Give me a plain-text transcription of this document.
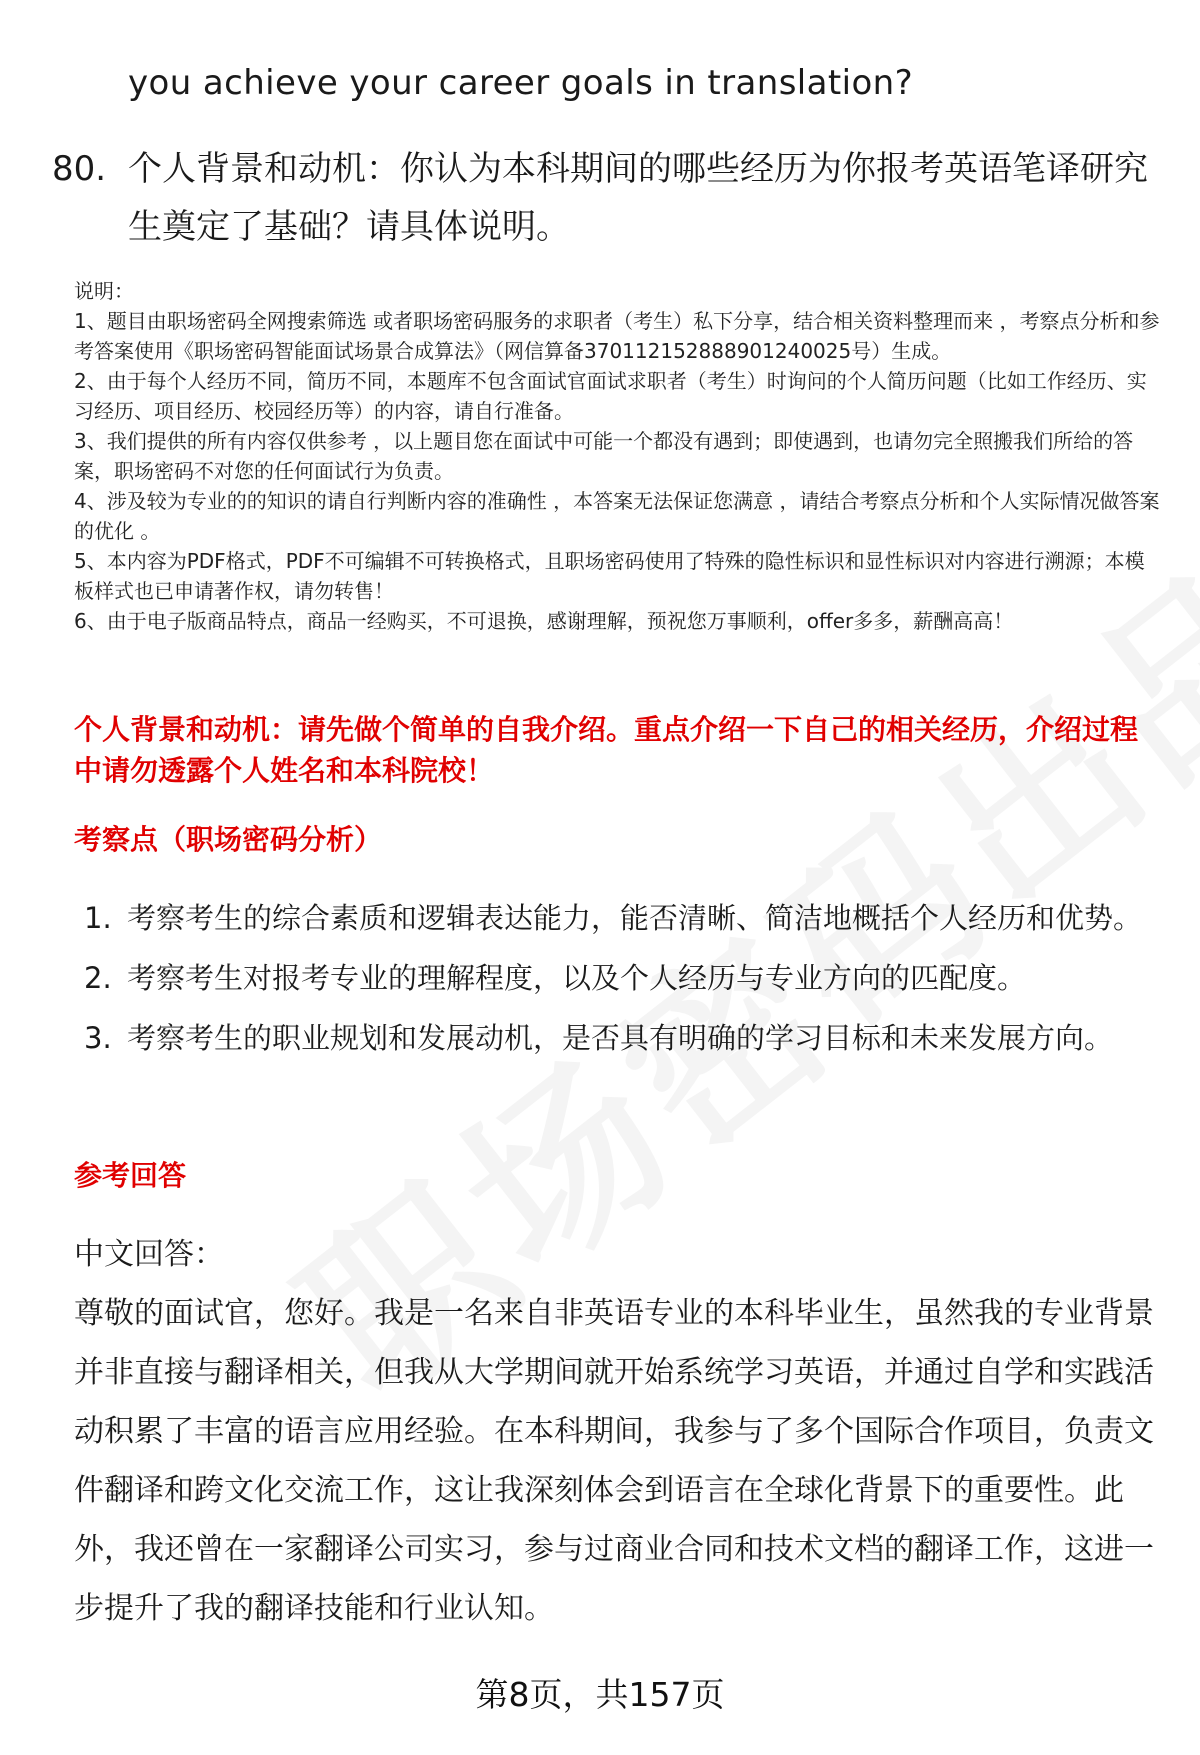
you achieve your career goals in translation?
80. 个人背景和动机：你认为本科期间的哪些经历为你报考英语笔译研究生奠定了基础？请具体说明。

说明：

1、题目由职场密码全网搜索筛选 或者职场密码服务的求职者（考生）私下分享，结合相关资料整理而来 ，考察点分析和参考答案使用《职场密码智能面试场景合成算法》（网信算备370112152888901240025号）生成。

2、由于每个人经历不同，简历不同，本题库不包含面试官面试求职者（考生）时询问的个人简历问题（比如工作经历、实习经历、项目经历、校园经历等）的内容，请自行准备。

3、我们提供的所有内容仅供参考 ，以上题目您在面试中可能一个都没有遇到；即使遇到，也请勿完全照搬我们所给的答案，职场密码不对您的任何面试行为负责。

4、涉及较为专业的的知识的请自行判断内容的准确性 ，本答案无法保证您满意 ，请结合考察点分析和个人实际情况做答案的优化 。

5、本内容为PDF格式，PDF不可编辑不可转换格式，且职场密码使用了特殊的隐性标识和显性标识对内容进行溯源；本模板样式也已申请著作权，请勿转售！

6、由于电子版商品特点，商品一经购买，不可退换，感谢理解，预祝您万事顺利，offer多多，薪酬高高！

个人背景和动机：请先做个简单的自我介绍。重点介绍一下自己的相关经历，介绍过程中请勿透露个人姓名和本科院校！
考察点（职场密码分析）
1. 考察考生的综合素质和逻辑表达能力，能否清晰、简洁地概括个人经历和优势。
2. 考察考生对报考专业的理解程度，以及个人经历与专业方向的匹配度。
3. 考察考生的职业规划和发展动机，是否具有明确的学习目标和未来发展方向。
参考回答

中文回答：

尊敬的面试官，您好。我是一名来自非英语专业的本科毕业生，虽然我的专业背景并非直接与翻译相关，但我从大学期间就开始系统学习英语，并通过自学和实践活动积累了丰富的语言应用经验。在本科期间，我参与了多个国际合作项目，负责文件翻译和跨文化交流工作，这让我深刻体会到语言在全球化背景下的重要性。此外，我还曾在一家翻译公司实习，参与过商业合同和技术文档的翻译工作，这进一步提升了我的翻译技能和行业认知。

第8页，共157页
